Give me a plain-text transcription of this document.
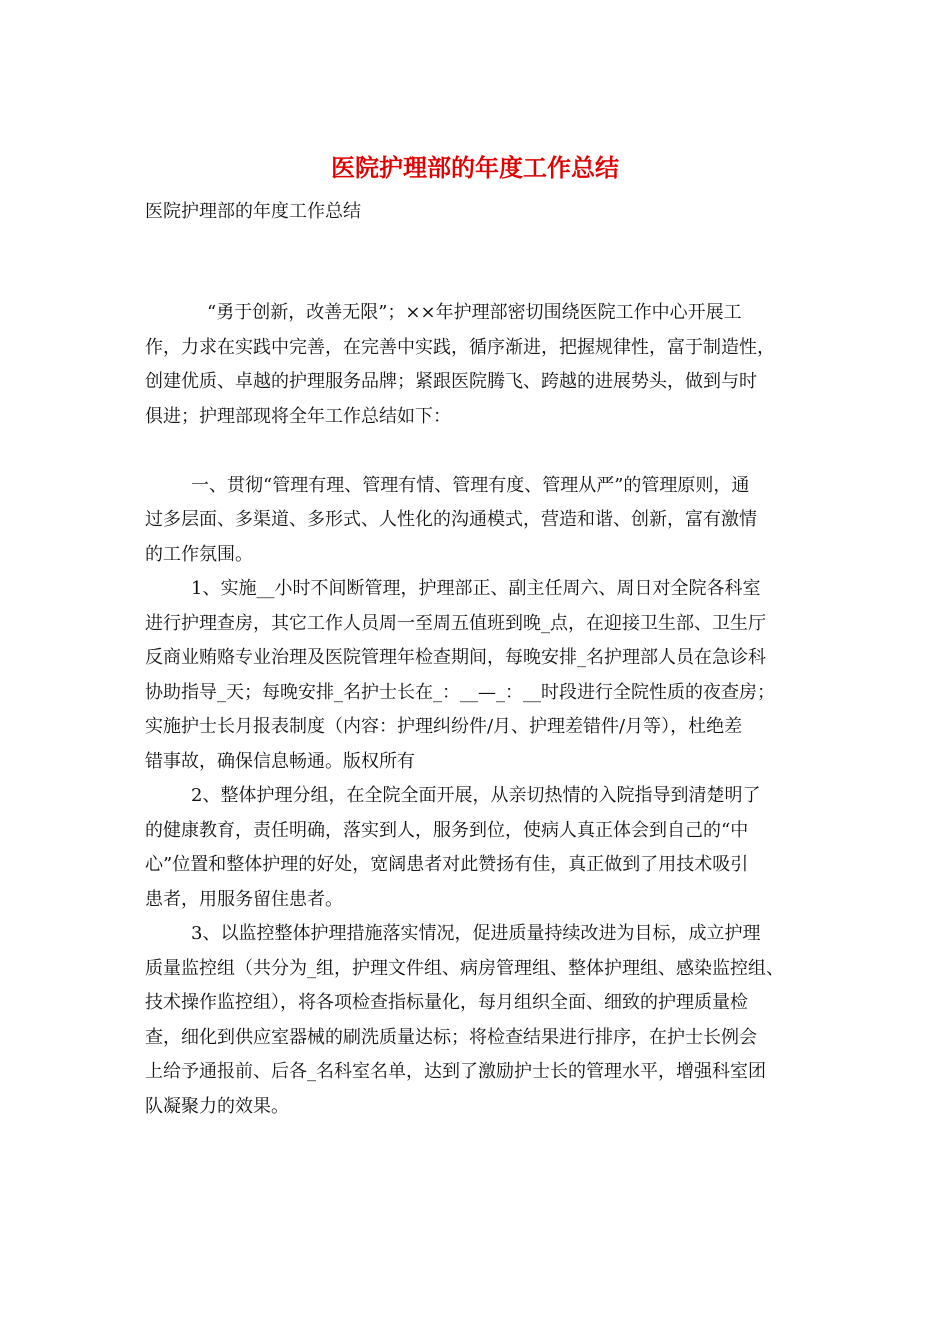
医院护理部的年度工作总结

医院护理部的年度工作总结

“勇于创新，改善无限”；××年护理部密切围绕医院工作中心开展工
作，力求在实践中完善，在完善中实践，循序渐进，把握规律性，富于制造性，
创建优质、卓越的护理服务品牌；紧跟医院腾飞、跨越的进展势头，做到与时
俱进；护理部现将全年工作总结如下：
一、贯彻“管理有理、管理有情、管理有度、管理从严”的管理原则，通
过多层面、多渠道、多形式、人性化的沟通模式，营造和谐、创新，富有激情
的工作氛围。
1、实施__小时不间断管理，护理部正、副主任周六、周日对全院各科室
进行护理查房，其它工作人员周一至周五值班到晚_点，在迎接卫生部、卫生厅
反商业贿赂专业治理及医院管理年检查期间，每晚安排_名护理部人员在急诊科
协助指导_天；每晚安排_名护士长在_：__—_：__时段进行全院性质的夜查房；
实施护士长月报表制度（内容：护理纠纷件/月、护理差错件/月等），杜绝差
错事故，确保信息畅通。版权所有
2、整体护理分组，在全院全面开展，从亲切热情的入院指导到清楚明了
的健康教育，责任明确，落实到人，服务到位，使病人真正体会到自己的“中
心”位置和整体护理的好处，宽阔患者对此赞扬有佳，真正做到了用技术吸引
患者，用服务留住患者。
3、以监控整体护理措施落实情况，促进质量持续改进为目标，成立护理
质量监控组（共分为_组，护理文件组、病房管理组、整体护理组、感染监控组、
技术操作监控组），将各项检查指标量化，每月组织全面、细致的护理质量检
查，细化到供应室器械的刷洗质量达标；将检查结果进行排序，在护士长例会
上给予通报前、后各_名科室名单，达到了激励护士长的管理水平，增强科室团
队凝聚力的效果。
